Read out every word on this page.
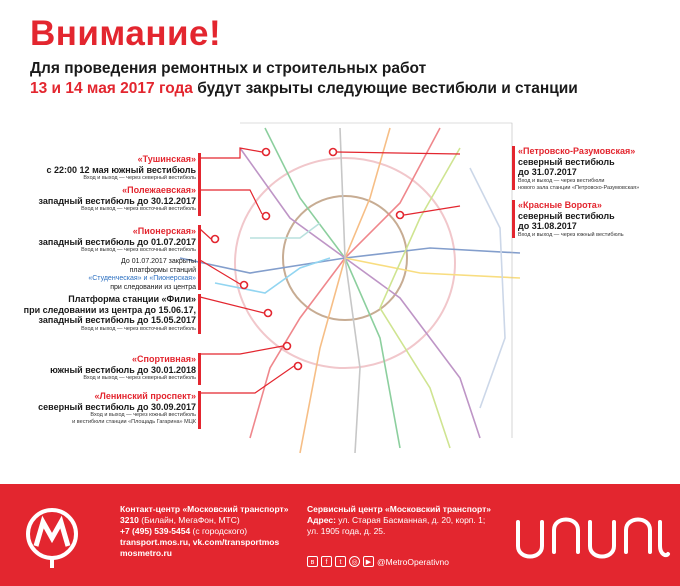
Внимание!
Для проведения ремонтных и строительных работ
13 и 14 мая 2017 года будут закрыты следующие вестибюли и станции
«Тушинская»
с 22:00 12 мая южный вестибюль
Вход и выход — через северный вестибюль
«Полежаевская»
западный вестибюль до 30.12.2017
Вход и выход — через восточный вестибюль
«Пионерская»
западный вестибюль до 01.07.2017
Вход и выход — через восточный вестибюль
До 01.07.2017 закрыты
платформы станций
«Студенческая» и «Пионерская»
при следовании из центра
Платформа станции «Фили»
при следовании из центра до 15.06.17,
западный вестибюль до 15.05.2017
Вход и выход — через восточный вестибюль
«Спортивная»
южный вестибюль до 30.01.2018
Вход и выход — через северный вестибюль
«Ленинский проспект»
северный вестибюль до 30.09.2017
Вход и выход — через южный вестибюль
и вестибюли станции «Площадь Гагарина» МЦК
«Петровско-Разумовская»
северный вестибюль
до 31.07.2017
Вход и выход — через вестибюли
нового зала станции «Петровско-Разумовская»
«Красные Ворота»
северный вестибюль
до 31.08.2017
Вход и выход — через южный вестибюль
Контакт-центр «Московский транспорт»
3210 (Билайн, МегаФон, МТС)
+7 (495) 539-5454 (с городского)
transport.mos.ru, vk.com/transportmos
mosmetro.ru
Сервисный центр «Московский транспорт»
Адрес: ул. Старая Басманная, д. 20, корп. 1;
ул. 1905 года, д. 25.
в	f	t	◎	▶ @MetroOperativno
